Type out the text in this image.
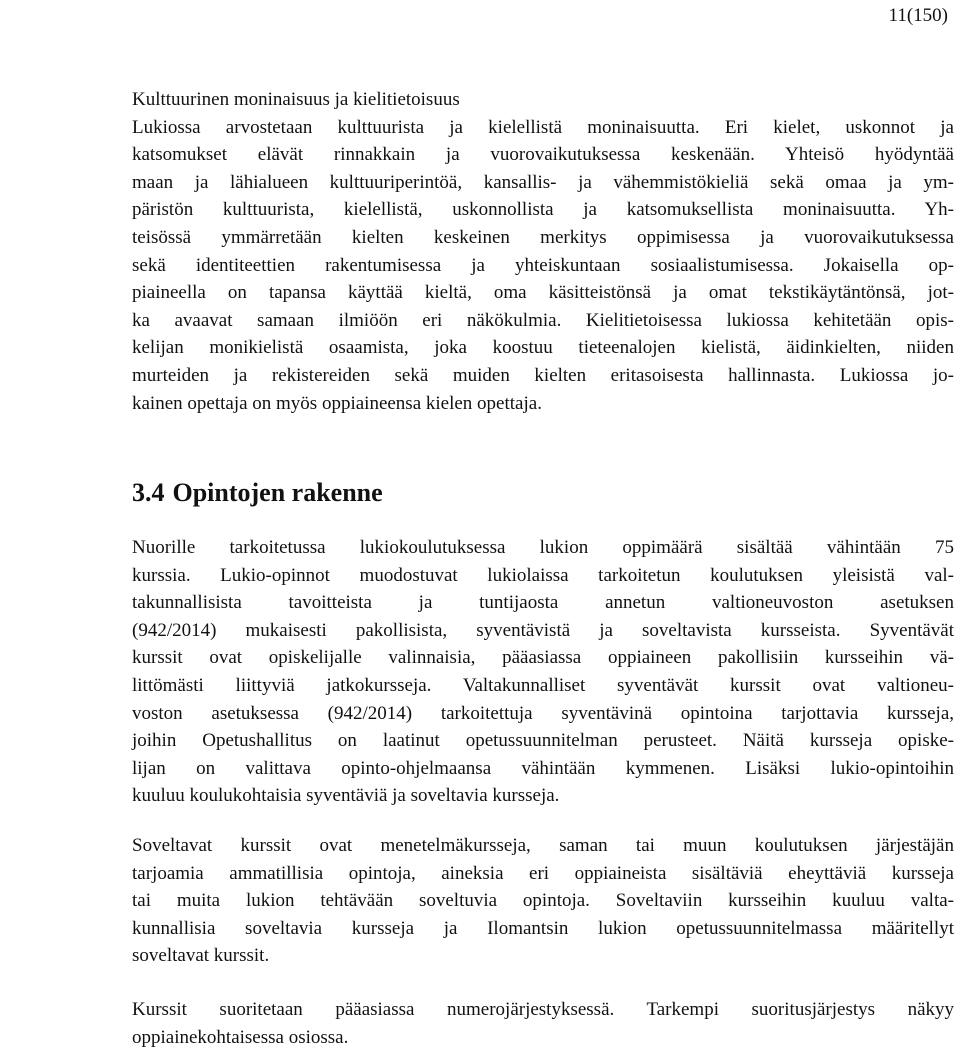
11(150)
Kulttuurinen moninaisuus ja kielitietoisuus
Lukiossa arvostetaan kulttuurista ja kielellistä moninaisuutta. Eri kielet, uskonnot ja
katsomukset elävät rinnakkain ja vuorovaikutuksessa keskenään. Yhteisö hyödyntää
maan ja lähialueen kulttuuriperintöä, kansallis- ja vähemmistökieliä sekä omaa ja ym-
päristön kulttuurista, kielellistä, uskonnollista ja katsomuksellista moninaisuutta. Yh-
teisössä ymmärretään kielten keskeinen merkitys oppimisessa ja vuorovaikutuksessa
sekä identiteettien rakentumisessa ja yhteiskuntaan sosiaalistumisessa. Jokaisella op-
piaineella on tapansa käyttää kieltä, oma käsitteistönsä ja omat tekstikäytäntönsä, jot-
ka avaavat samaan ilmiöön eri näkökulmia. Kielitietoisessa lukiossa kehitetään opis-
kelijan monikielistä osaamista, joka koostuu tieteenalojen kielistä, äidinkielten, niiden
murteiden ja rekistereiden sekä muiden kielten eritasoisesta hallinnasta. Lukiossa jo-
kainen opettaja on myös oppiaineensa kielen opettaja.
3.4 Opintojen rakenne
Nuorille tarkoitetussa lukiokoulutuksessa lukion oppimäärä sisältää vähintään 75
kurssia. Lukio-opinnot muodostuvat lukiolaissa tarkoitetun koulutuksen yleisistä val-
takunnallisista tavoitteista ja tuntijaosta annetun valtioneuvoston asetuksen
(942/2014) mukaisesti pakollisista, syventävistä ja soveltavista kursseista. Syventävät
kurssit ovat opiskelijalle valinnaisia, pääasiassa oppiaineen pakollisiin kursseihin vä-
littömästi liittyviä jatkokursseja. Valtakunnalliset syventävät kurssit ovat valtioneu-
voston asetuksessa (942/2014) tarkoitettuja syventävinä opintoina tarjottavia kursseja,
joihin Opetushallitus on laatinut opetussuunnitelman perusteet. Näitä kursseja opiske-
lijan on valittava opinto-ohjelmaansa vähintään kymmenen. Lisäksi lukio-opintoihin
kuuluu koulukohtaisia syventäviä ja soveltavia kursseja.
Soveltavat kurssit ovat menetelmäkursseja, saman tai muun koulutuksen järjestäjän
tarjoamia ammatillisia opintoja, aineksia eri oppiaineista sisältäviä eheyttäviä kursseja
tai muita lukion tehtävään soveltuvia opintoja. Soveltaviin kursseihin kuuluu valta-
kunnallisia soveltavia kursseja ja Ilomantsin lukion opetussuunnitelmassa määritellyt
soveltavat kurssit.
Kurssit suoritetaan pääasiassa numerojärjestyksessä. Tarkempi suoritusjärjestys näkyy
oppiainekohtaisessa osiossa.
